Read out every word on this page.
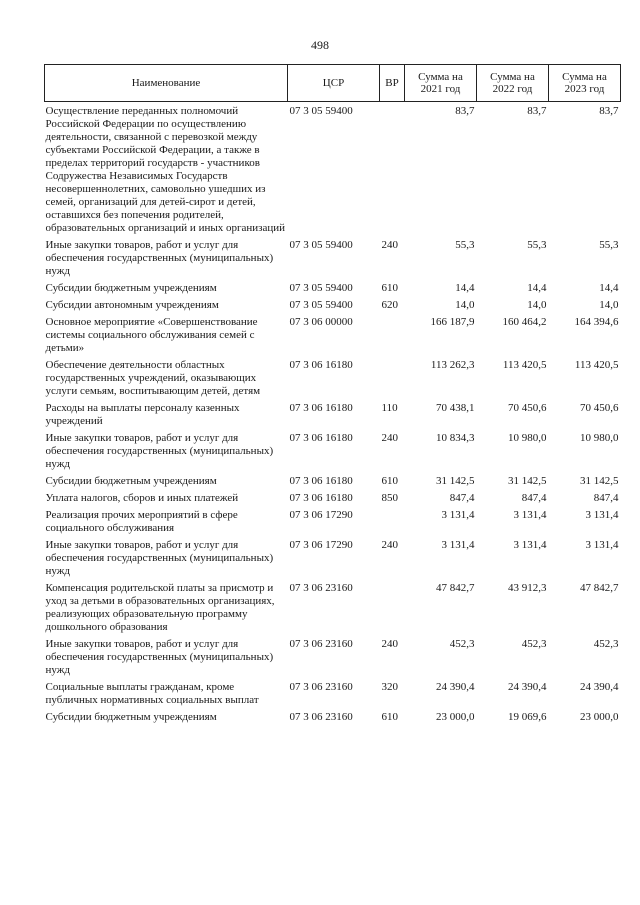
498
Наименование	ЦСР	ВР	Сумма на 2021 год	Сумма на 2022 год	Сумма на 2023 год
Осуществление переданных полномочий Российской Федерации по осуществлению деятельности, связанной с перевозкой между субъектами Российской Федерации, а также в пределах территорий государств - участников Содружества Независимых Государств несовершеннолетних, самовольно ушедших из семей, организаций для детей-сирот и детей, оставшихся без попечения родителей, образовательных организаций и иных организаций	07 3 05 59400		83,7	83,7	83,7
Иные закупки товаров, работ и услуг для обеспечения государственных (муниципальных) нужд	07 3 05 59400	240	55,3	55,3	55,3
Субсидии бюджетным учреждениям	07 3 05 59400	610	14,4	14,4	14,4
Субсидии автономным учреждениям	07 3 05 59400	620	14,0	14,0	14,0
Основное мероприятие «Совершенствование системы социального обслуживания семей с детьми»	07 3 06 00000		166 187,9	160 464,2	164 394,6
Обеспечение деятельности областных государственных учреждений, оказывающих услуги семьям, воспитывающим детей, детям	07 3 06 16180		113 262,3	113 420,5	113 420,5
Расходы на выплаты персоналу казенных учреждений	07 3 06 16180	110	70 438,1	70 450,6	70 450,6
Иные закупки товаров, работ и услуг для обеспечения государственных (муниципальных) нужд	07 3 06 16180	240	10 834,3	10 980,0	10 980,0
Субсидии бюджетным учреждениям	07 3 06 16180	610	31 142,5	31 142,5	31 142,5
Уплата налогов, сборов и иных платежей	07 3 06 16180	850	847,4	847,4	847,4
Реализация прочих мероприятий в сфере социального обслуживания	07 3 06 17290		3 131,4	3 131,4	3 131,4
Иные закупки товаров, работ и услуг для обеспечения государственных (муниципальных) нужд	07 3 06 17290	240	3 131,4	3 131,4	3 131,4
Компенсация родительской платы за присмотр и уход за детьми в образовательных организациях, реализующих образовательную программу дошкольного образования	07 3 06 23160		47 842,7	43 912,3	47 842,7
Иные закупки товаров, работ и услуг для обеспечения государственных (муниципальных) нужд	07 3 06 23160	240	452,3	452,3	452,3
Социальные выплаты гражданам, кроме публичных нормативных социальных выплат	07 3 06 23160	320	24 390,4	24 390,4	24 390,4
Субсидии бюджетным учреждениям	07 3 06 23160	610	23 000,0	19 069,6	23 000,0
